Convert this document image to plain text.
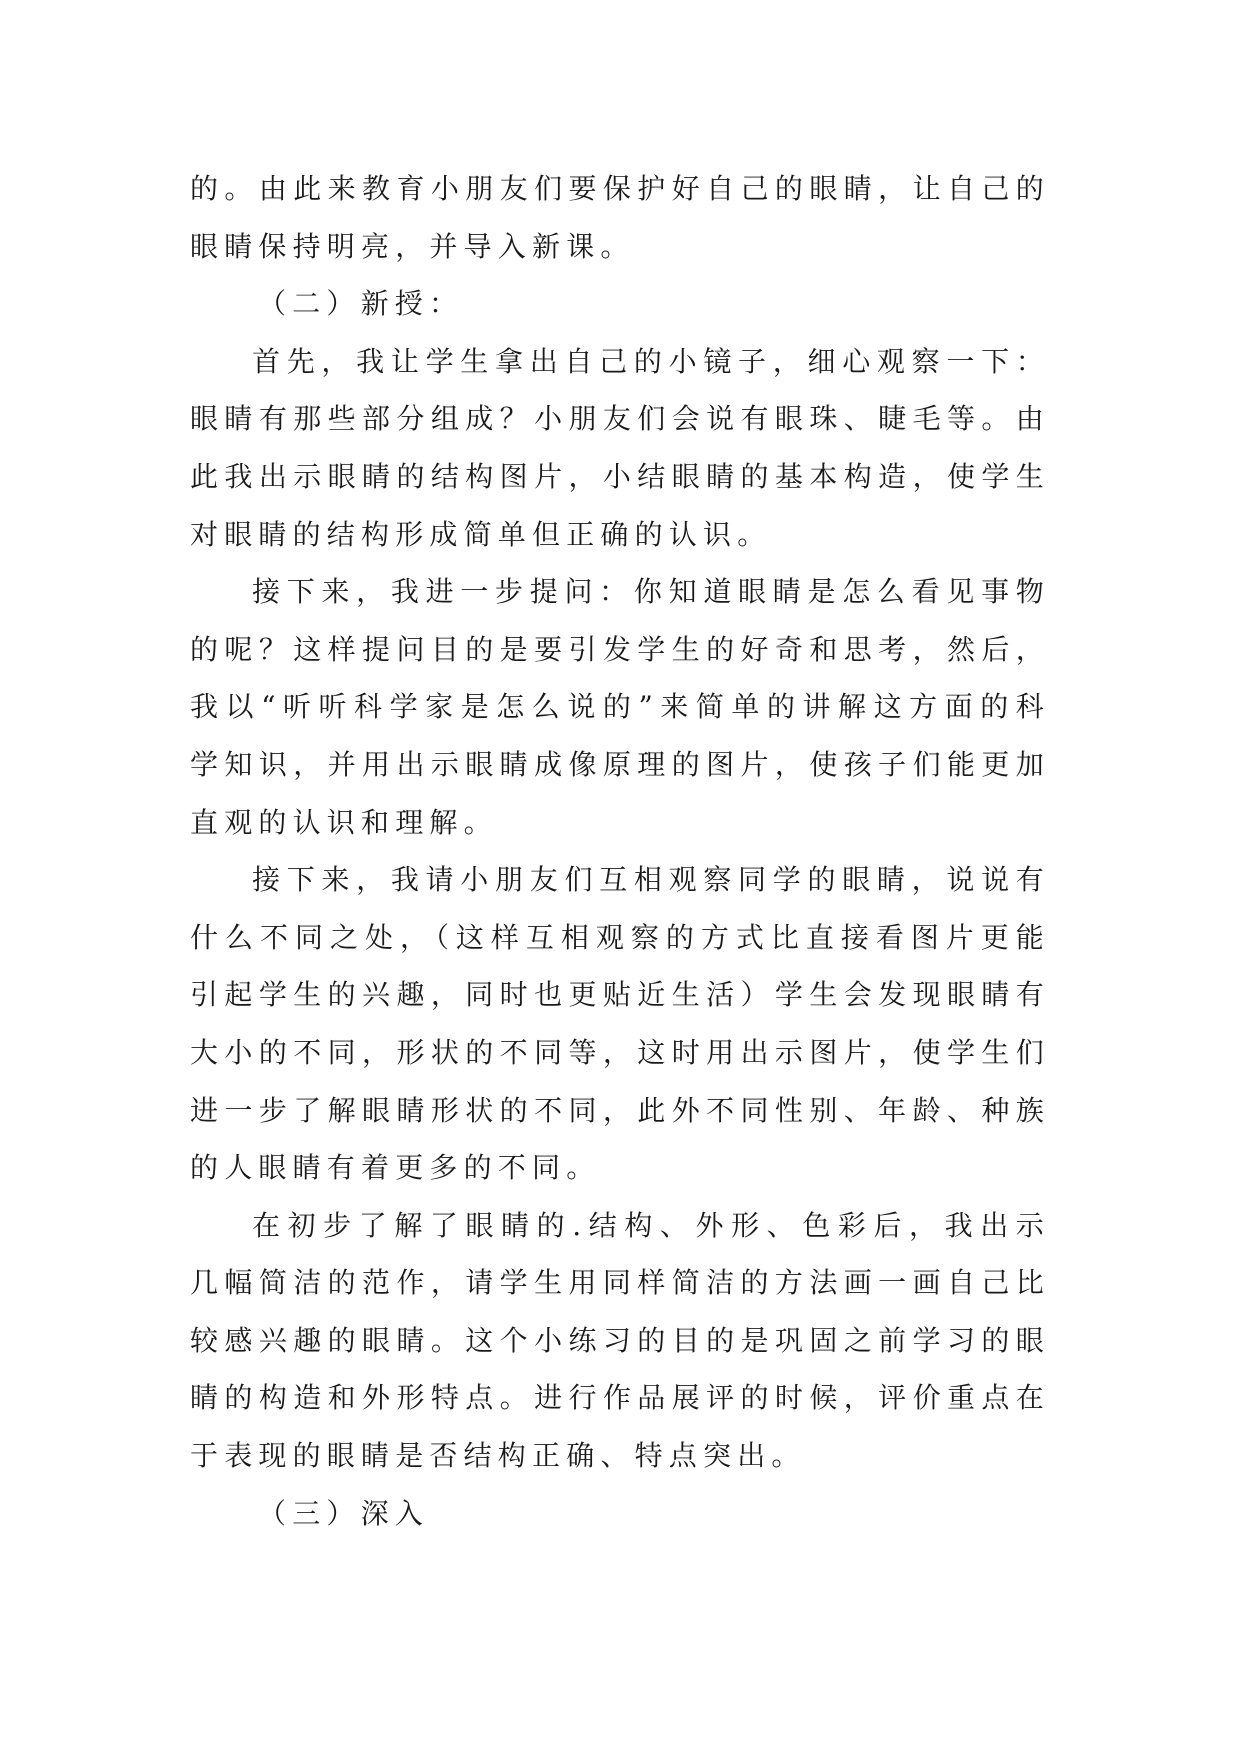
的。由此来教育小朋友们要保护好自己的眼睛，让自己的眼睛保持明亮，并导入新课。

（二）新授：

首先，我让学生拿出自己的小镜子，细心观察一下：眼睛有那些部分组成？小朋友们会说有眼珠、睫毛等。由此我出示眼睛的结构图片，小结眼睛的基本构造，使学生对眼睛的结构形成简单但正确的认识。

接下来，我进一步提问：你知道眼睛是怎么看见事物的呢？这样提问目的是要引发学生的好奇和思考，然后，我以“听听科学家是怎么说的”来简单的讲解这方面的科学知识，并用出示眼睛成像原理的图片，使孩子们能更加直观的认识和理解。

接下来，我请小朋友们互相观察同学的眼睛，说说有什么不同之处，（这样互相观察的方式比直接看图片更能引起学生的兴趣，同时也更贴近生活）学生会发现眼睛有大小的不同，形状的不同等，这时用出示图片，使学生们进一步了解眼睛形状的不同，此外不同性别、年龄、种族的人眼睛有着更多的不同。

在初步了解了眼睛的.结构、外形、色彩后，我出示几幅简洁的范作，请学生用同样简洁的方法画一画自己比较感兴趣的眼睛。这个小练习的目的是巩固之前学习的眼睛的构造和外形特点。进行作品展评的时候，评价重点在于表现的眼睛是否结构正确、特点突出。

（三）深入
